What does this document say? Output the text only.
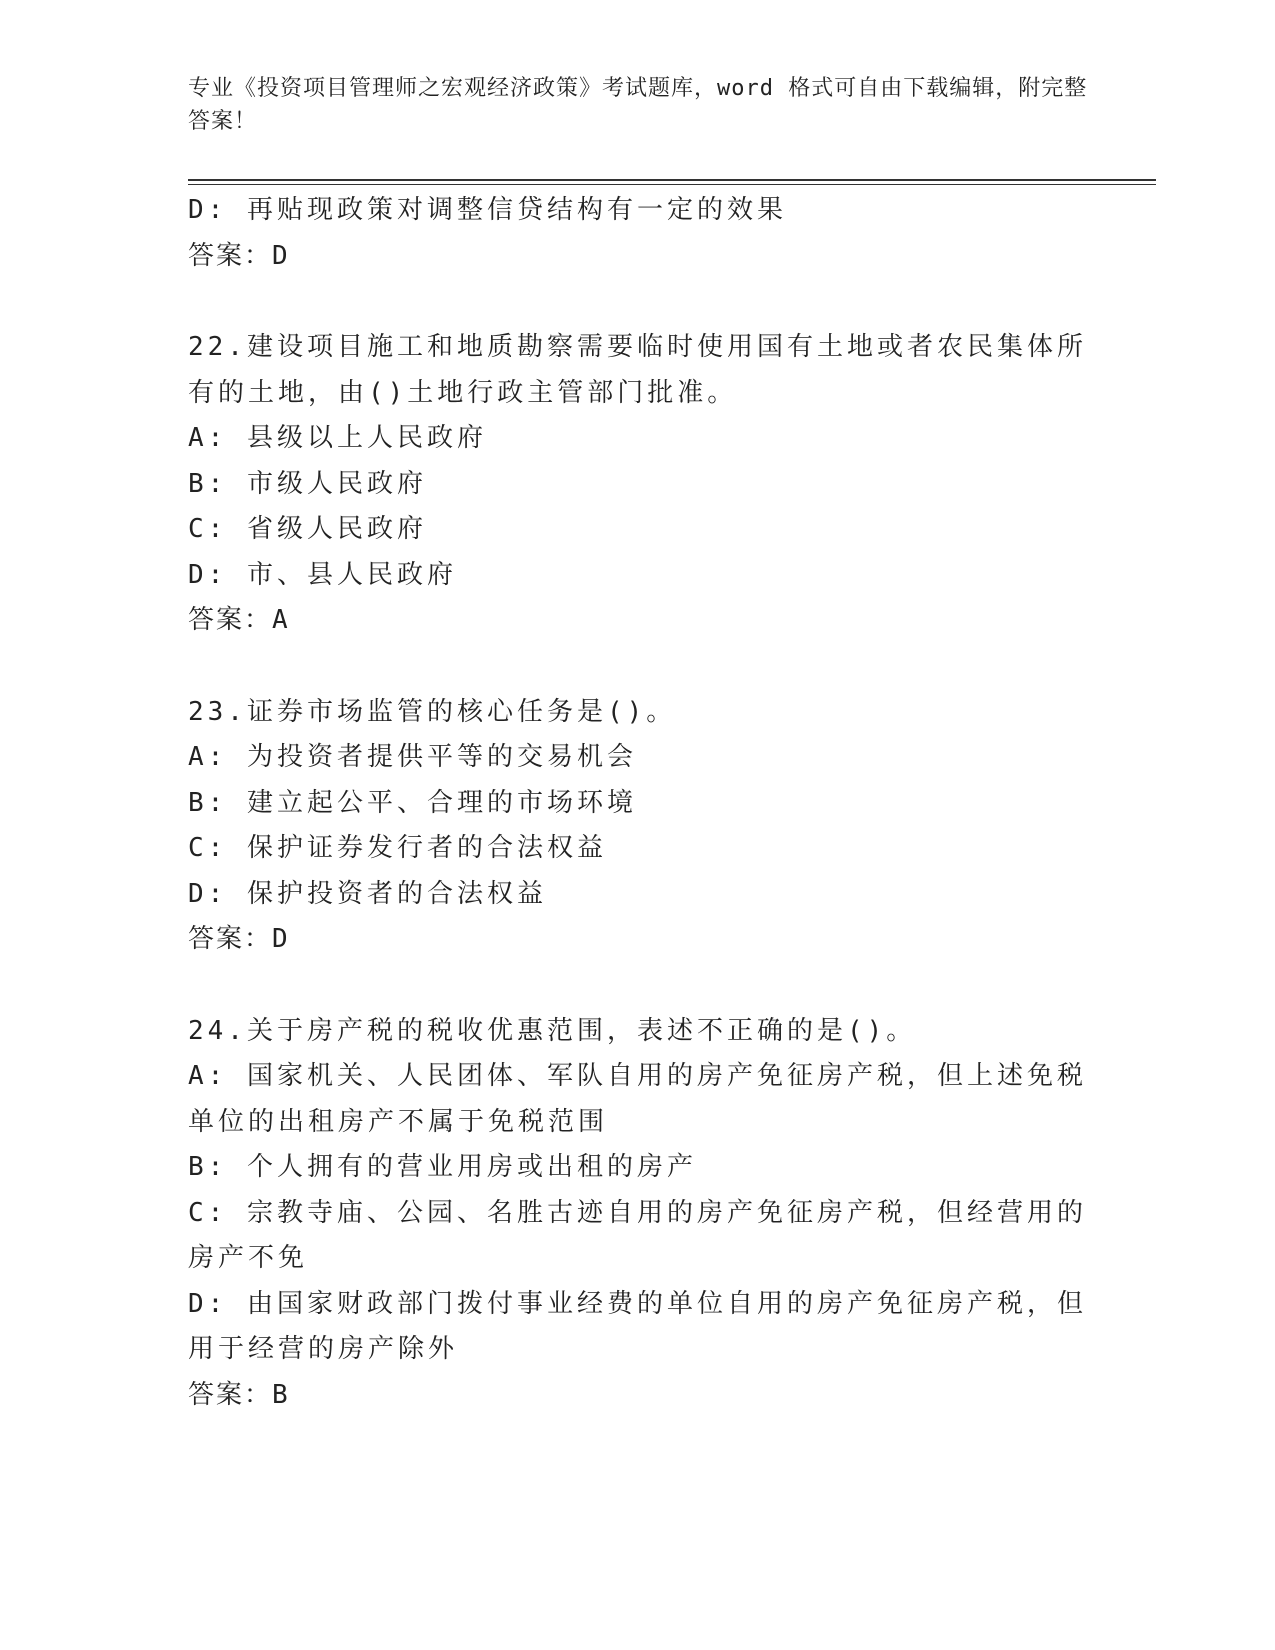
专业《投资项目管理师之宏观经济政策》考试题库，word 格式可自由下载编辑，附完整答案！

D: 再贴现政策对调整信贷结构有一定的效果

答案：D

22.建设项目施工和地质勘察需要临时使用国有土地或者农民集体所有的土地，由()土地行政主管部门批准。

A: 县级以上人民政府

B: 市级人民政府

C: 省级人民政府

D: 市、县人民政府

答案：A

23.证券市场监管的核心任务是()。

A: 为投资者提供平等的交易机会

B: 建立起公平、合理的市场环境

C: 保护证券发行者的合法权益

D: 保护投资者的合法权益

答案：D

24.关于房产税的税收优惠范围，表述不正确的是()。

A: 国家机关、人民团体、军队自用的房产免征房产税，但上述免税单位的出租房产不属于免税范围

B: 个人拥有的营业用房或出租的房产

C: 宗教寺庙、公园、名胜古迹自用的房产免征房产税，但经营用的房产不免

D: 由国家财政部门拨付事业经费的单位自用的房产免征房产税，但用于经营的房产除外

答案：B
